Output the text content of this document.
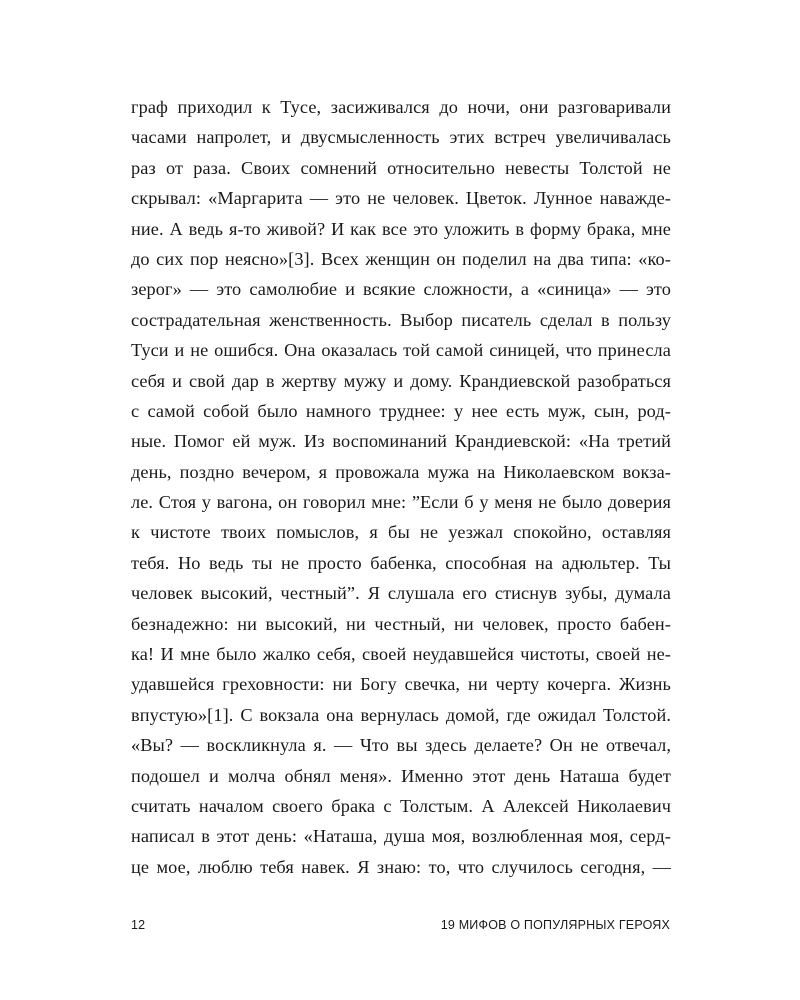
граф приходил к Тусе, засиживался до ночи, они разговаривали
часами напролет, и двусмысленность этих встреч увеличивалась
раз от раза. Своих сомнений относительно невесты Толстой не
скрывал: «Маргарита — это не человек. Цветок. Лунное наважде-
ние. А ведь я-то живой? И как все это уложить в форму брака, мне
до сих пор неясно»[3]. Всех женщин он поделил на два типа: «ко-
зерог» — это самолюбие и всякие сложности, а «синица» — это
сострадательная женственность. Выбор писатель сделал в пользу
Туси и не ошибся. Она оказалась той самой синицей, что принесла
себя и свой дар в жертву мужу и дому. Крандиевской разобраться
с самой собой было намного труднее: у нее есть муж, сын, род-
ные. Помог ей муж. Из воспоминаний Крандиевской: «На третий
день, поздно вечером, я провожала мужа на Николаевском вокза-
ле. Стоя у вагона, он говорил мне: ”Если б у меня не было доверия
к чистоте твоих помыслов, я бы не уезжал спокойно, оставляя
тебя. Но ведь ты не просто бабенка, способная на адюльтер. Ты
человек высокий, честный”. Я слушала его стиснув зубы, думала
безнадежно: ни высокий, ни честный, ни человек, просто бабен-
ка! И мне было жалко себя, своей неудавшейся чистоты, своей не-
удавшейся греховности: ни Богу свечка, ни черту кочерга. Жизнь
впустую»[1]. С вокзала она вернулась домой, где ожидал Толстой.
«Вы? — воскликнула я. — Что вы здесь делаете? Он не отвечал,
подошел и молча обнял меня». Именно этот день Наташа будет
считать началом своего брака с Толстым. А Алексей Николаевич
написал в этот день: «Наташа, душа моя, возлюбленная моя, серд-
це мое, люблю тебя навек. Я знаю: то, что случилось сегодня, —
12	19 МИФОВ О ПОПУЛЯРНЫХ ГЕРОЯХ
